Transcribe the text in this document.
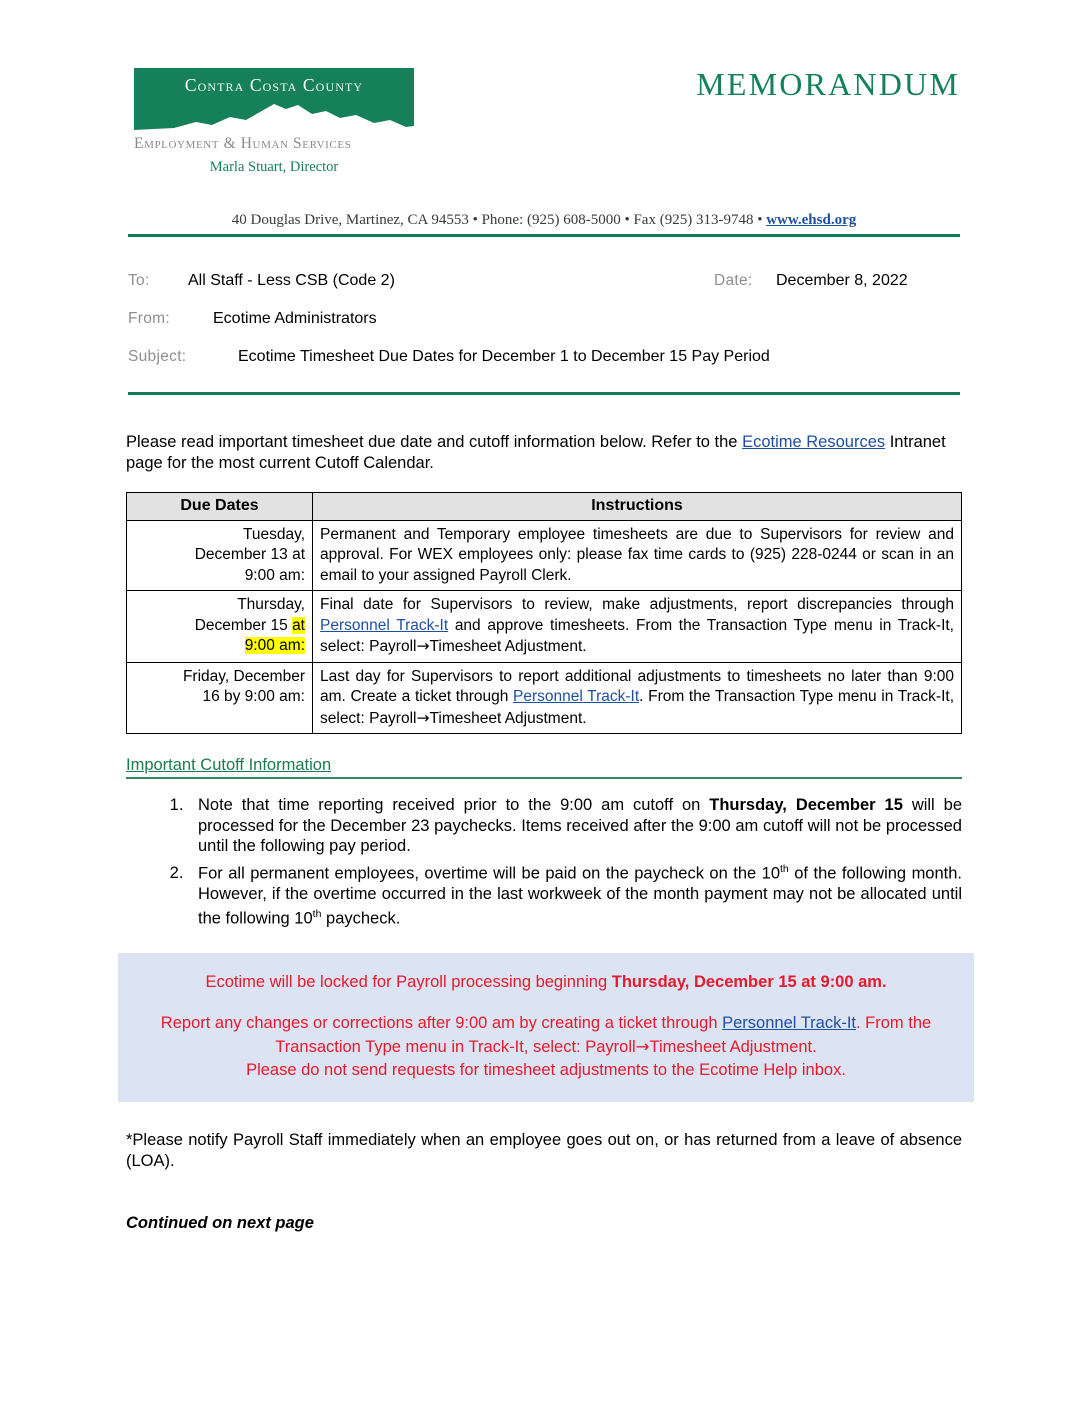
Contra Costa County
Employment & Human Services
Marla Stuart, Director
MEMORANDUM
40 Douglas Drive, Martinez, CA 94553 • Phone: (925) 608-5000 • Fax (925) 313-9748 • www.ehsd.org
To: All Staff - Less CSB (Code 2)	Date: December 8, 2022
From:	Ecotime Administrators
Subject:	Ecotime Timesheet Due Dates for December 1 to December 15 Pay Period

Please read important timesheet due date and cutoff information below. Refer to the Ecotime Resources Intranet page for the most current Cutoff Calendar.

Due Dates	Instructions
Tuesday,
December 13 at
9:00 am:	Permanent and Temporary employee timesheets are due to Supervisors for review and approval. For WEX employees only: please fax time cards to (925) 228-0244 or scan in an email to your assigned Payroll Clerk.
Thursday,
December 15 at
9:00 am:	Final date for Supervisors to review, make adjustments, report discrepancies through Personnel Track-It and approve timesheets. From the Transaction Type menu in Track-It, select: Payroll→Timesheet Adjustment.
Friday, December
16 by 9:00 am:	Last day for Supervisors to report additional adjustments to timesheets no later than 9:00 am. Create a ticket through Personnel Track-It. From the Transaction Type menu in Track-It, select: Payroll→Timesheet Adjustment.
Important Cutoff Information
1. Note that time reporting received prior to the 9:00 am cutoff on Thursday, December 15 will be processed for the December 23 paychecks. Items received after the 9:00 am cutoff will not be processed until the following pay period.
2. For all permanent employees, overtime will be paid on the paycheck on the 10th of the following month. However, if the overtime occurred in the last workweek of the month payment may not be allocated until the following 10th paycheck.
Ecotime will be locked for Payroll processing beginning Thursday, December 15 at 9:00 am.
Report any changes or corrections after 9:00 am by creating a ticket through Personnel Track-It. From the Transaction Type menu in Track-It, select: Payroll→Timesheet Adjustment.
Please do not send requests for timesheet adjustments to the Ecotime Help inbox.
*Please notify Payroll Staff immediately when an employee goes out on, or has returned from a leave of absence (LOA).
Continued on next page
